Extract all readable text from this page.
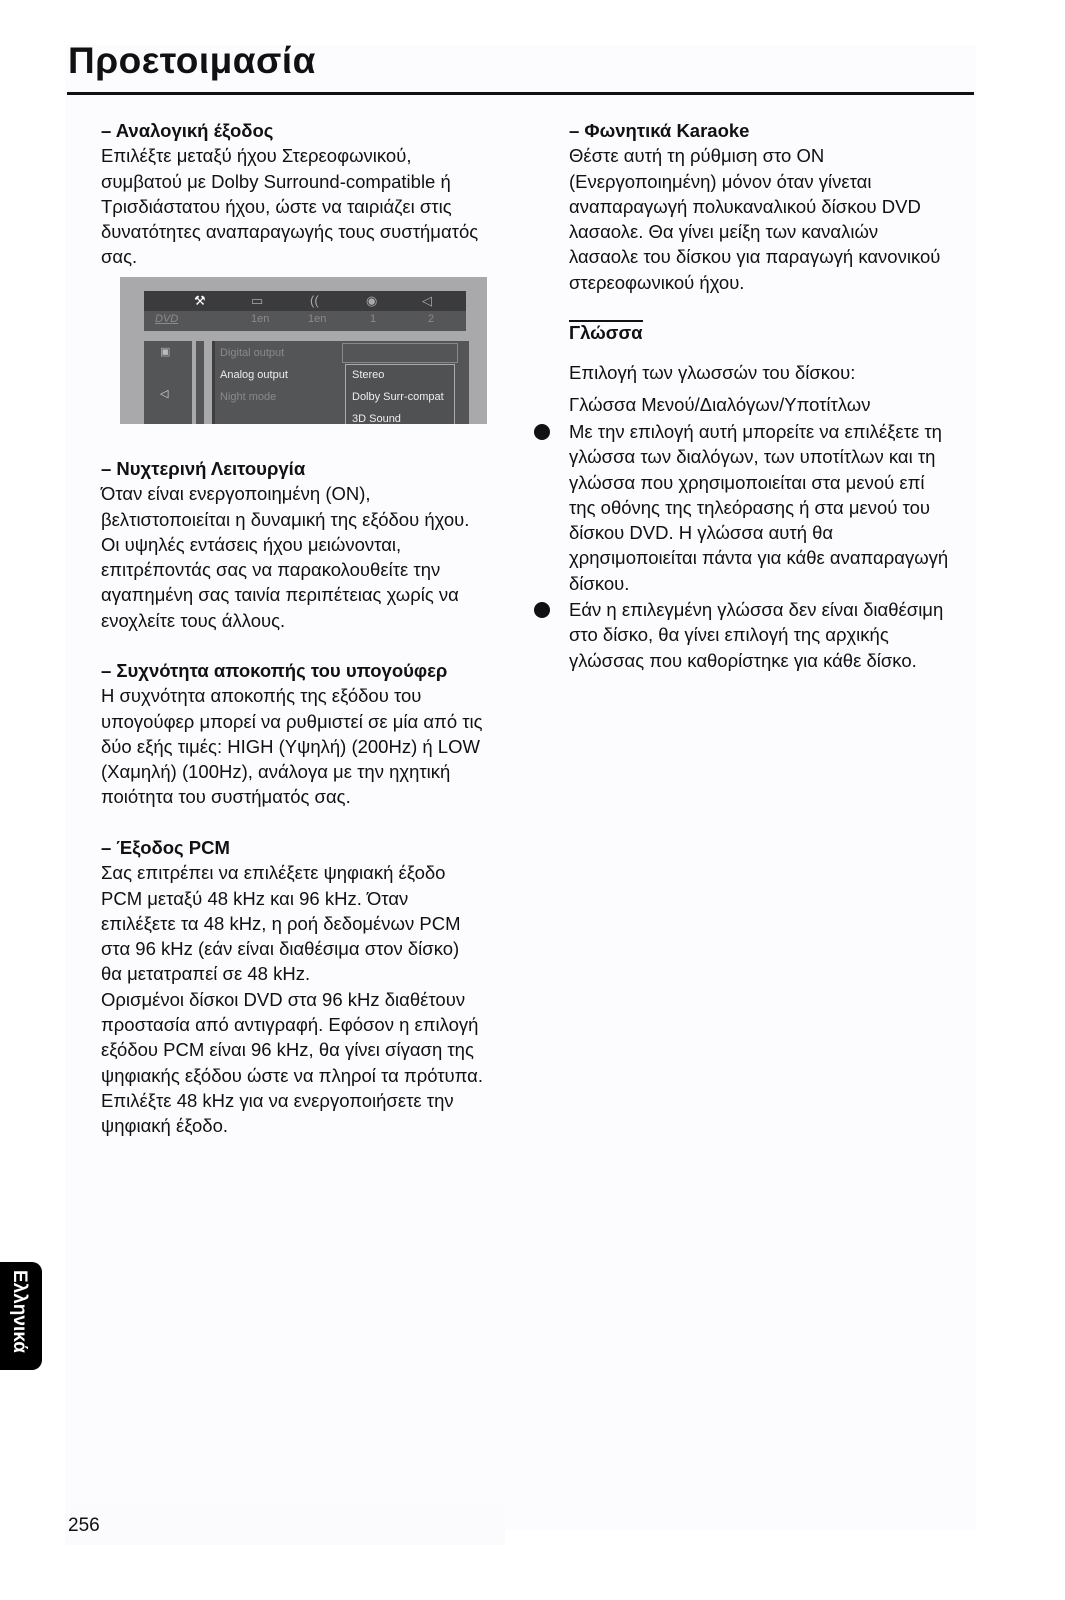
Προετοιμασία
– Αναλογική έξοδος
Επιλέξτε μεταξύ ήχου Στερεοφωνικού,
συμβατού με Dolby Surround-compatible ή
Τρισδιάστατου ήχου, ώστε να ταιριάζει στις
δυνατότητες αναπαραγωγής τους συστήματός
σας.
⚒	▭	((	◉	◁
DVD	1en	1en	1	2
▣
◁
Digital output
Analog output
Night mode
Stereo
Dolby Surr-compat
3D Sound
– Νυχτερινή Λειτουργία
Όταν είναι ενεργοποιημένη (ON),
βελτιστοποιείται η δυναμική της εξόδου ήχου.
Οι υψηλές εντάσεις ήχου μειώνονται,
επιτρέποντάς σας να παρακολουθείτε την
αγαπημένη σας ταινία περιπέτειας χωρίς να
ενοχλείτε τους άλλους.
– Συχνότητα αποκοπής του υπογούφερ
Η συχνότητα αποκοπής της εξόδου του
υπογούφερ μπορεί να ρυθμιστεί σε μία από τις
δύο εξής τιμές: HIGH (Υψηλή) (200Hz) ή LOW
(Χαμηλή) (100Hz), ανάλογα με την ηχητική
ποιότητα του συστήματός σας.
– Έξοδος PCM
Σας επιτρέπει να επιλέξετε ψηφιακή έξοδο
PCM μεταξύ 48 kHz και 96 kHz. Όταν
επιλέξετε τα 48 kHz, η ροή δεδομένων PCM
στα 96 kHz (εάν είναι διαθέσιμα στον δίσκο)
θα μετατραπεί σε 48 kHz.
Ορισμένοι δίσκοι DVD στα 96 kHz διαθέτουν
προστασία από αντιγραφή. Εφόσον η επιλογή
εξόδου PCM είναι 96 kHz, θα γίνει σίγαση της
ψηφιακής εξόδου ώστε να πληροί τα πρότυπα.
Επιλέξτε 48 kHz για να ενεργοποιήσετε την
ψηφιακή έξοδο.
– Φωνητικά Karaoke
Θέστε αυτή τη ρύθμιση στο ON
(Ενεργοποιημένη) μόνον όταν γίνεται
αναπαραγωγή πολυκαναλικού δίσκου DVD
λασαολε. Θα γίνει μείξη των καναλιών
λασαολε του δίσκου για παραγωγή κανονικού
στερεοφωνικού ήχου.
Γλώσσα
Επιλογή των γλωσσών του δίσκου:
Γλώσσα Μενού/Διαλόγων/Υποτίτλων
Με την επιλογή αυτή μπορείτε να επιλέξετε τη
γλώσσα των διαλόγων, των υποτίτλων και τη
γλώσσα που χρησιμοποιείται στα μενού επί
της οθόνης της τηλεόρασης ή στα μενού του
δίσκου DVD. Η γλώσσα αυτή θα
χρησιμοποιείται πάντα για κάθε αναπαραγωγή
δίσκου.
Εάν η επιλεγμένη γλώσσα δεν είναι διαθέσιμη
στο δίσκο, θα γίνει επιλογή της αρχικής
γλώσσας που καθορίστηκε για κάθε δίσκο.
Ελληνικά
256
